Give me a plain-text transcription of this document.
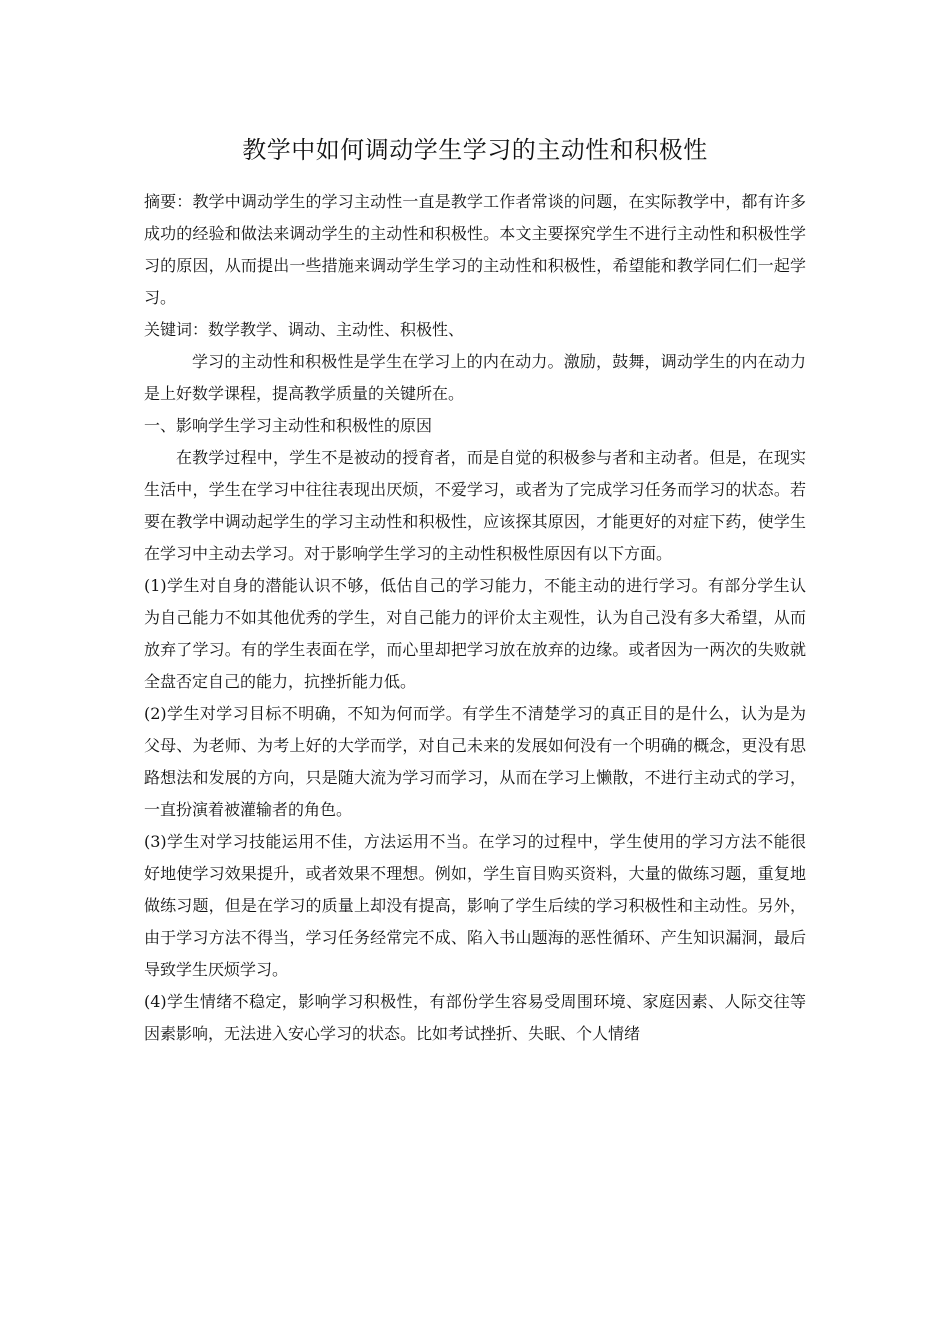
教学中如何调动学生学习的主动性和积极性

摘要：教学中调动学生的学习主动性一直是教学工作者常谈的问题，在实际教学中，都有许多成功的经验和做法来调动学生的主动性和积极性。本文主要探究学生不进行主动性和积极性学习的原因，从而提出一些措施来调动学生学习的主动性和积极性，希望能和教学同仁们一起学习。

关键词：数学教学、调动、主动性、积极性、

学习的主动性和积极性是学生在学习上的内在动力。激励，鼓舞，调动学生的内在动力是上好数学课程，提高教学质量的关键所在。

一、影响学生学习主动性和积极性的原因

在教学过程中，学生不是被动的授育者，而是自觉的积极参与者和主动者。但是，在现实生活中，学生在学习中往往表现出厌烦，不爱学习，或者为了完成学习任务而学习的状态。若要在教学中调动起学生的学习主动性和积极性，应该探其原因，才能更好的对症下药，使学生在学习中主动去学习。对于影响学生学习的主动性积极性原因有以下方面。

(1)学生对自身的潜能认识不够，低估自己的学习能力，不能主动的进行学习。有部分学生认为自己能力不如其他优秀的学生，对自己能力的评价太主观性，认为自己没有多大希望，从而放弃了学习。有的学生表面在学，而心里却把学习放在放弃的边缘。或者因为一两次的失败就全盘否定自己的能力，抗挫折能力低。

(2)学生对学习目标不明确，不知为何而学。有学生不清楚学习的真正目的是什么，认为是为父母、为老师、为考上好的大学而学，对自己未来的发展如何没有一个明确的概念，更没有思路想法和发展的方向，只是随大流为学习而学习，从而在学习上懒散，不进行主动式的学习，一直扮演着被灌输者的角色。

(3)学生对学习技能运用不佳，方法运用不当。在学习的过程中，学生使用的学习方法不能很好地使学习效果提升，或者效果不理想。例如，学生盲目购买资料，大量的做练习题，重复地做练习题，但是在学习的质量上却没有提高，影响了学生后续的学习积极性和主动性。另外，由于学习方法不得当，学习任务经常完不成、陷入书山题海的恶性循环、产生知识漏洞，最后导致学生厌烦学习。

(4)学生情绪不稳定，影响学习积极性，有部份学生容易受周围环境、家庭因素、人际交往等因素影响，无法进入安心学习的状态。比如考试挫折、失眠、个人情绪
